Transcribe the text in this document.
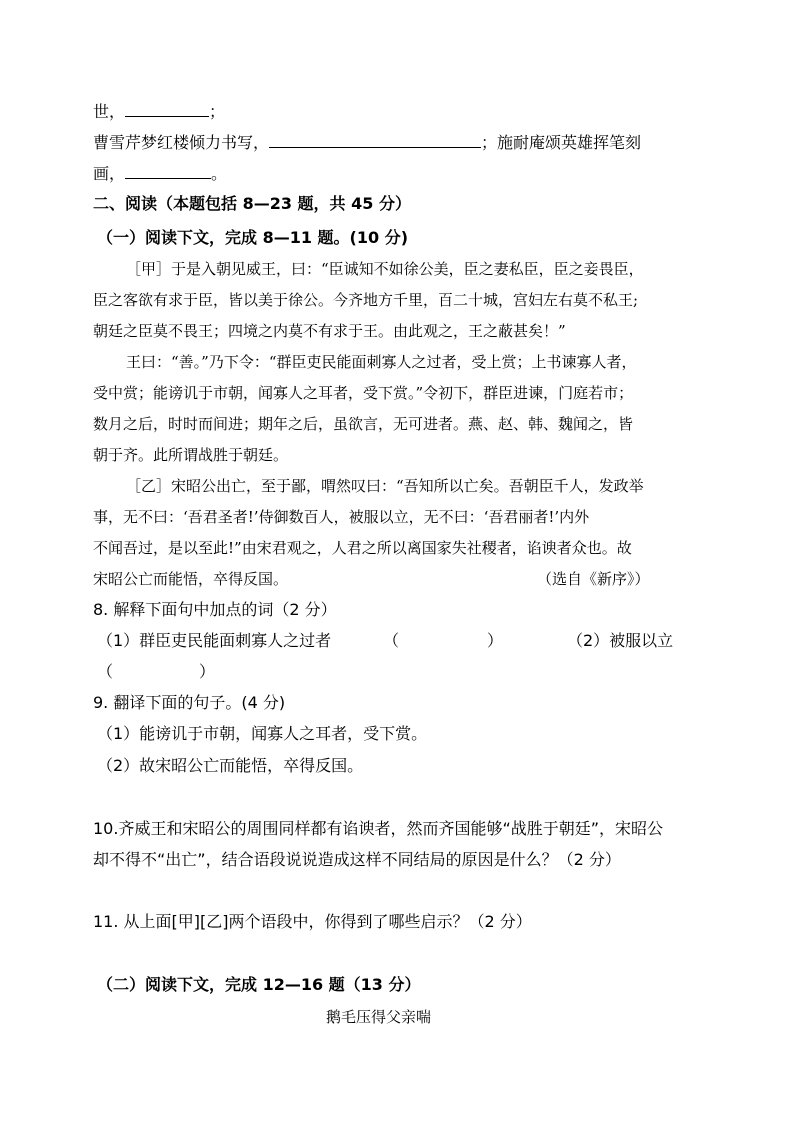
世，	；
曹雪芹梦红楼倾力书写，	；施耐庵颂英雄挥笔刻
画，	。
二、阅读（本题包括 8—23 题，共 45 分）
（一）阅读下文，完成 8—11 题。(10 分)
［甲］于是入朝见威王，曰：“臣诚知不如徐公美，臣之妻私臣，臣之妾畏臣，
臣之客欲有求于臣，皆以美于徐公。今齐地方千里，百二十城，宫妇左右莫不私王;
朝廷之臣莫不畏王；四境之内莫不有求于王。由此观之，王之蔽甚矣！”
王曰：“善。”乃下令：“群臣吏民能面刺寡人之过者，受上赏；上书谏寡人者，
受中赏；能谤讥于市朝，闻寡人之耳者，受下赏。”令初下，群臣进谏，门庭若市；
数月之后，时时而间进；期年之后，虽欲言，无可进者。燕、赵、韩、魏闻之，皆
朝于齐。此所谓战胜于朝廷。
［乙］宋昭公出亡，至于鄙，喟然叹曰：“吾知所以亡矣。吾朝臣千人，发政举
事，无不曰：‘吾君圣者!’侍御数百人，被服以立，无不曰：‘吾君丽者!’内外
不闻吾过，是以至此!”由宋君观之，人君之所以离国家失社稷者，谄谀者众也。故
宋昭公亡而能悟，卒得反国。	（选自《新序》）
8. 解释下面句中加点的词（2 分）
（1）群臣吏民能面刺寡人之过者	（	）	（2）被服以立
（	）
9. 翻译下面的句子。(4 分)
（1）能谤讥于市朝，闻寡人之耳者，受下赏。
（2）故宋昭公亡而能悟，卒得反国。
10.齐威王和宋昭公的周围同样都有谄谀者，然而齐国能够“战胜于朝廷”，宋昭公
却不得不“出亡”，结合语段说说造成这样不同结局的原因是什么？（2 分）
11. 从上面[甲][乙]两个语段中，你得到了哪些启示？（2 分）
（二）阅读下文，完成 12—16 题（13 分）
鹅毛压得父亲喘
